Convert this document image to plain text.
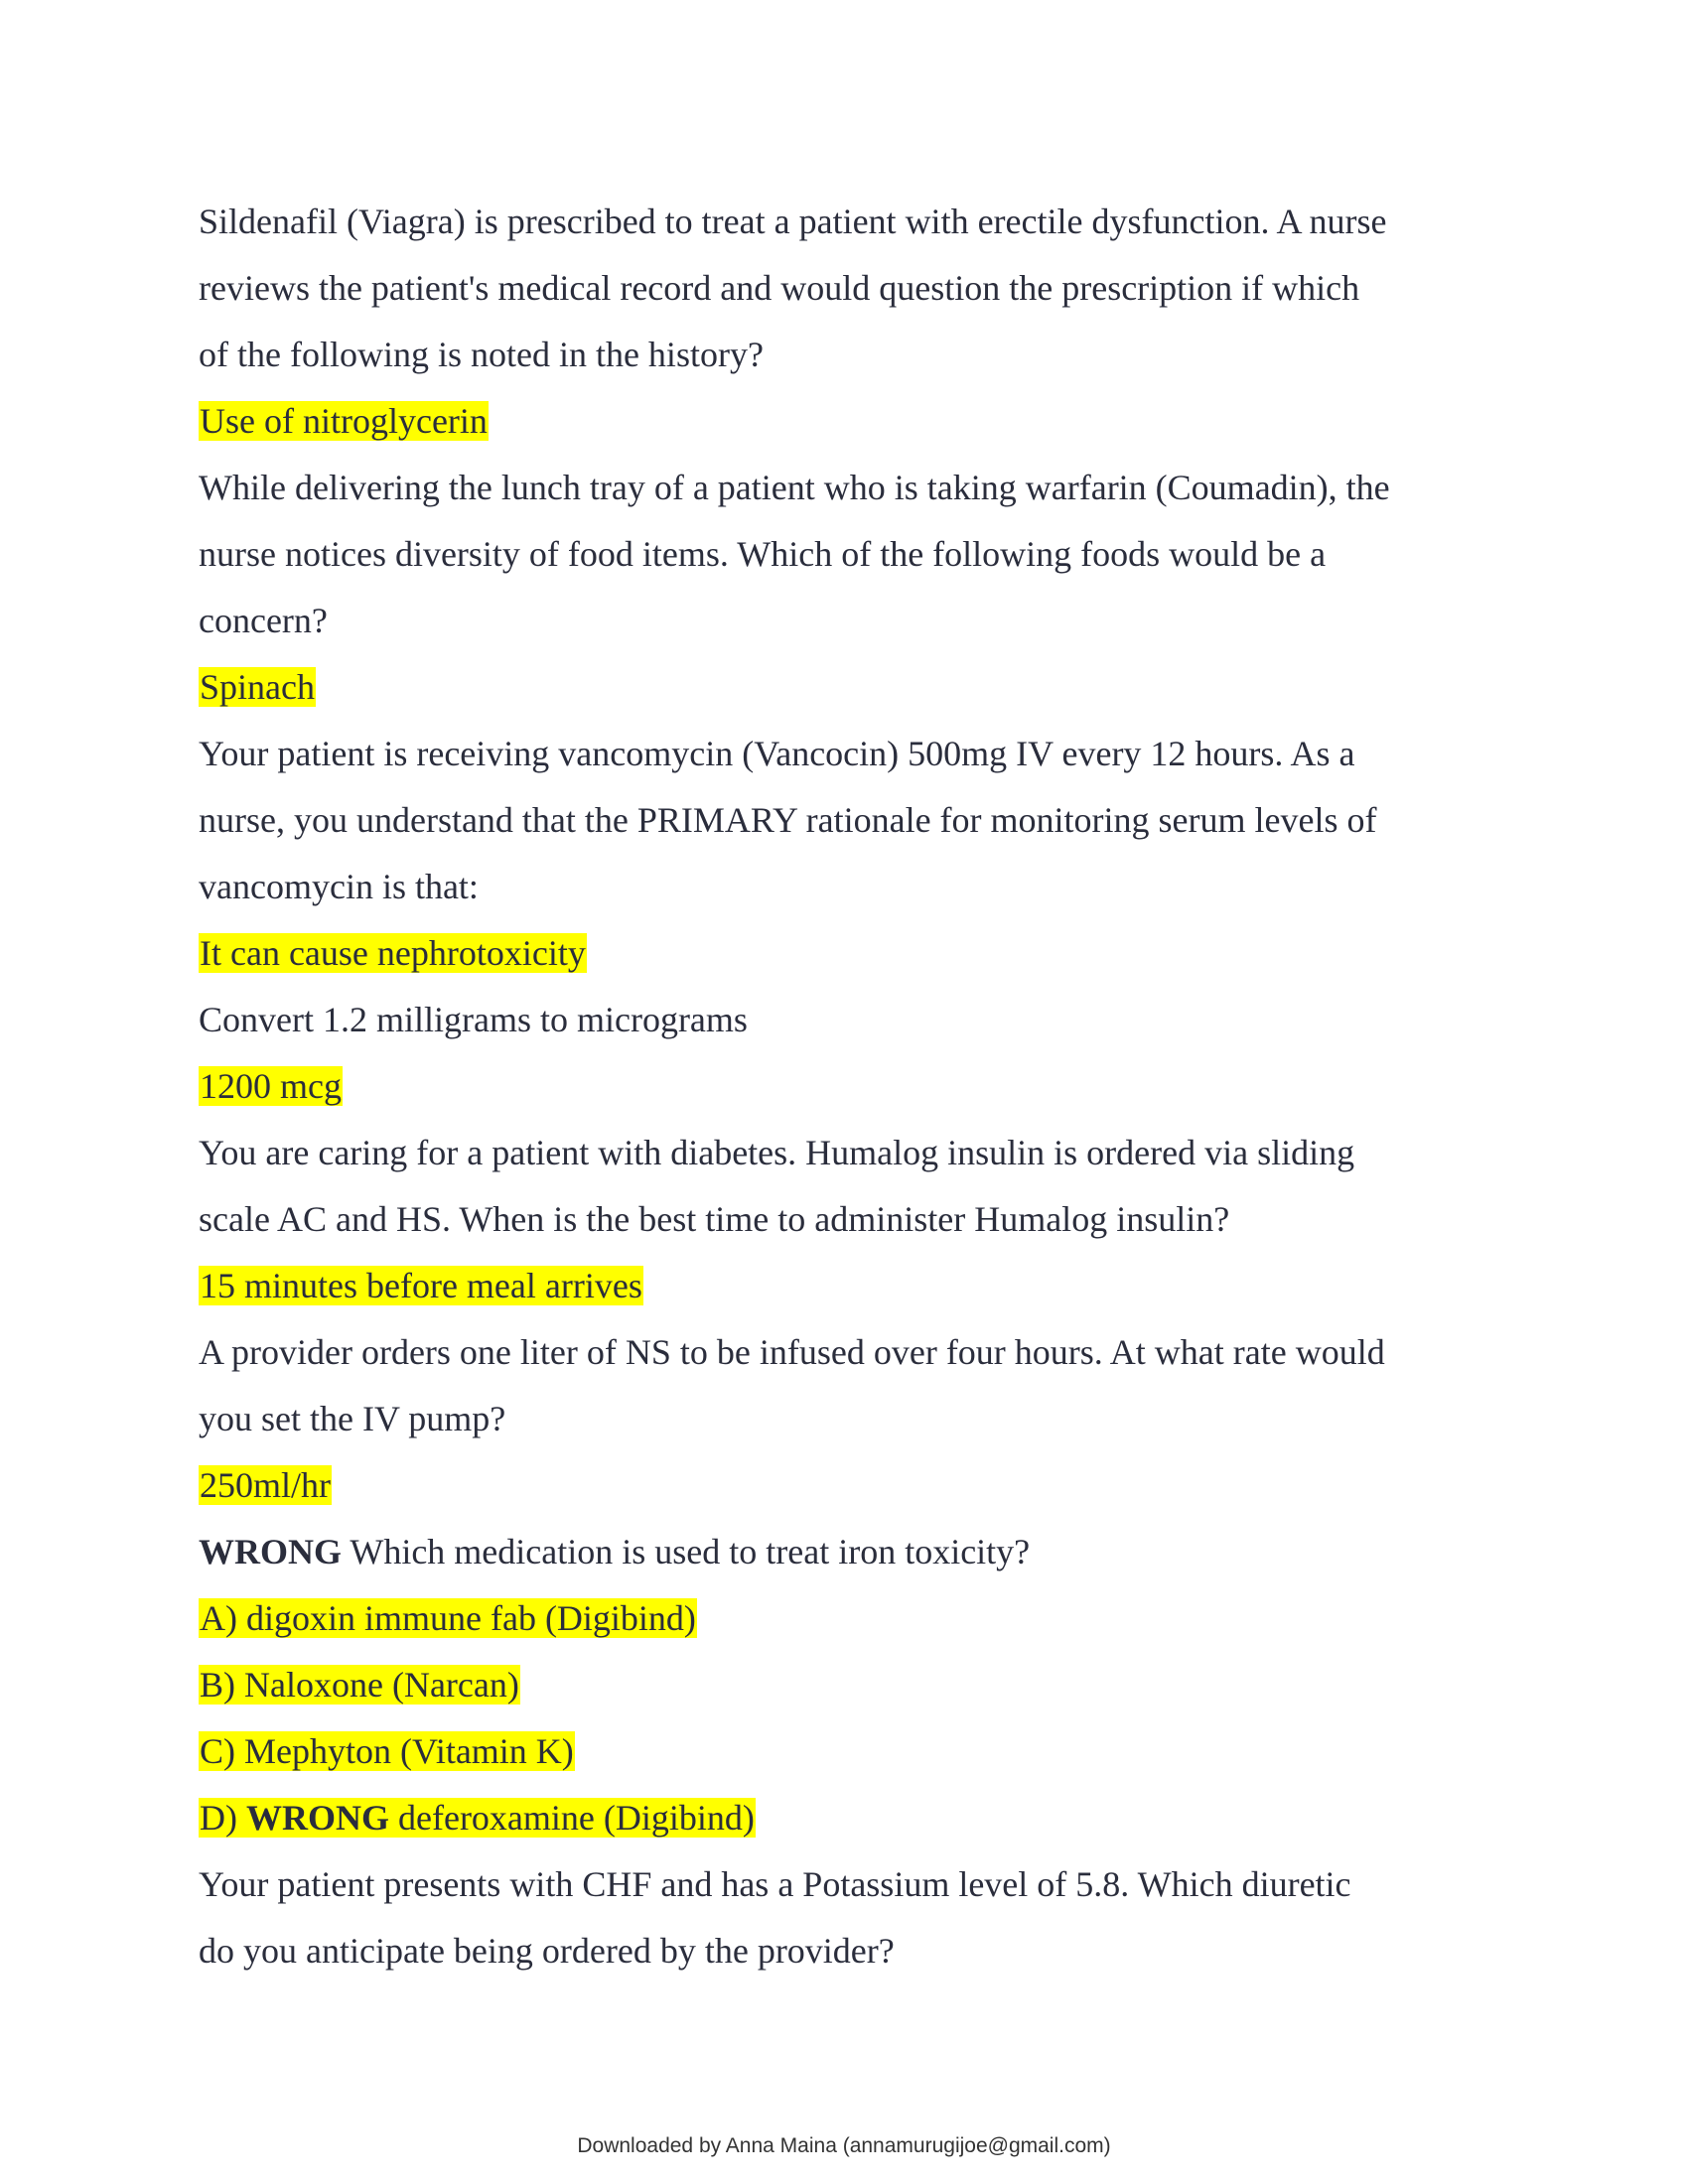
Sildenafil (Viagra) is prescribed to treat a patient with erectile dysfunction. A nurse
reviews the patient's medical record and would question the prescription if which
of the following is noted in the history?
Use of nitroglycerin
While delivering the lunch tray of a patient who is taking warfarin (Coumadin), the
nurse notices diversity of food items. Which of the following foods would be a
concern?
Spinach
Your patient is receiving vancomycin (Vancocin) 500mg IV every 12 hours. As a
nurse, you understand that the PRIMARY rationale for monitoring serum levels of
vancomycin is that:
It can cause nephrotoxicity
Convert 1.2 milligrams to micrograms
1200 mcg
You are caring for a patient with diabetes. Humalog insulin is ordered via sliding
scale AC and HS. When is the best time to administer Humalog insulin?
15 minutes before meal arrives
A provider orders one liter of NS to be infused over four hours. At what rate would
you set the IV pump?
250ml/hr
WRONG Which medication is used to treat iron toxicity?
A) digoxin immune fab (Digibind)
B) Naloxone (Narcan)
C) Mephyton (Vitamin K)
D) WRONG deferoxamine (Digibind)
Your patient presents with CHF and has a Potassium level of 5.8. Which diuretic
do you anticipate being ordered by the provider?
Downloaded by Anna Maina (annamurugijoe@gmail.com)
